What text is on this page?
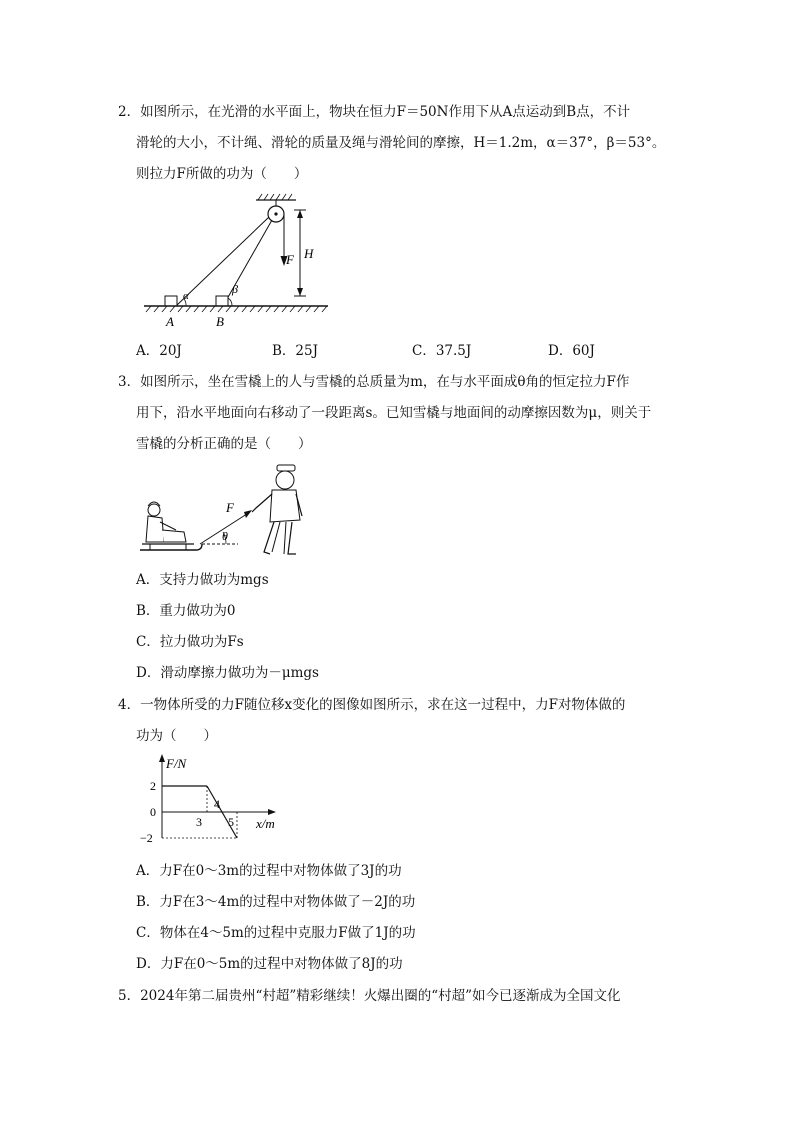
2．如图所示，在光滑的水平面上，物块在恒力F＝50N作用下从A点运动到B点，不计
滑轮的大小，不计绳、滑轮的质量及绳与滑轮间的摩擦，H＝1.2m，α＝37°，β＝53°。
则拉力F所做的功为（　　）
F H
α	β
A	B
A．20J	B．25J	C．37.5J	D．60J
3．如图所示，坐在雪橇上的人与雪橇的总质量为m，在与水平面成θ角的恒定拉力F作
用下，沿水平地面向右移动了一段距离s。已知雪橇与地面间的动摩擦因数为μ，则关于
雪橇的分析正确的是（　　）
F
θ
A．支持力做功为mgs
B．重力做功为0
C．拉力做功为Fs
D．滑动摩擦力做功为－μmgs
4．一物体所受的力F随位移x变化的图像如图所示，求在这一过程中，力F对物体做的
功为（　　）
F/N
x/m
2
0
−2
3
4
5
A．力F在0～3m的过程中对物体做了3J的功
B．力F在3～4m的过程中对物体做了－2J的功
C．物体在4～5m的过程中克服力F做了1J的功
D．力F在0～5m的过程中对物体做了8J的功
5．2024年第二届贵州“村超”精彩继续！火爆出圈的“村超”如今已逐渐成为全国文化
